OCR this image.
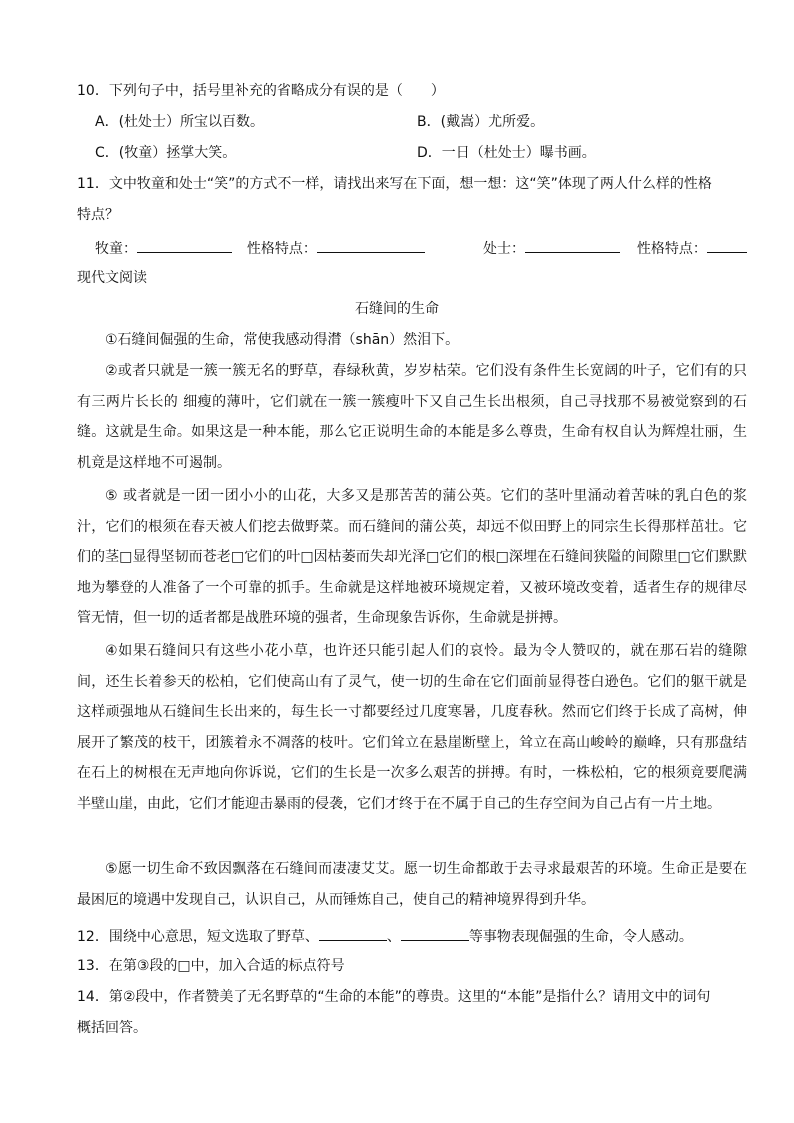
10．下列句子中，括号里补充的省略成分有误的是（　　）
A．(杜处士）所宝以百数。	B．(戴嵩）尤所爱。
C．(牧童）拯掌大笑。	D．一日（杜处士）曝书画。
11．文中牧童和处士“笑”的方式不一样，请找出来写在下面，想一想：这“笑”体现了两人什么样的性格
特点？
牧童：	性格特点：	处士：	性格特点：
现代文阅读
石缝间的生命
①石缝间倔强的生命，常使我感动得潸（shān）然泪下。
②或者只就是一簇一簇无名的野草，春绿秋黄，岁岁枯荣。它们没有条件生长宽阔的叶子，它们有的只有三两片长长的 细瘦的薄叶，它们就在一簇一簇瘦叶下又自己生长出根须，自己寻找那不易被觉察到的石缝。这就是生命。如果这是一种本能，那么它正说明生命的本能是多么尊贵，生命有权自认为辉煌壮丽，生机竟是这样地不可遏制。
⑤ 或者就是一团一团小小的山花，大多又是那苦苦的蒲公英。它们的茎叶里涌动着苦味的乳白色的浆汁，它们的根须在春天被人们挖去做野菜。而石缝间的蒲公英，却远不似田野上的同宗生长得那样茁壮。它们的茎□显得坚韧而苍老□它们的叶□因枯萎而失却光泽□它们的根□深埋在石缝间狭隘的间隙里□它们默默地为攀登的人准备了一个可靠的抓手。生命就是这样地被环境规定着，又被环境改变着，适者生存的规律尽管无情，但一切的适者都是战胜环境的强者，生命现象告诉你，生命就是拼搏。
④如果石缝间只有这些小花小草，也许还只能引起人们的哀怜。最为令人赞叹的，就在那石岩的缝隙间，还生长着参天的松柏，它们使高山有了灵气，使一切的生命在它们面前显得苍白逊色。它们的躯干就是这样顽强地从石缝间生长出来的，每生长一寸都要经过几度寒暑，几度春秋。然而它们终于长成了高树，伸展开了繁茂的枝干，团簇着永不凋落的枝叶。它们耸立在悬崖断壁上，耸立在高山峻岭的巅峰，只有那盘结在石上的树根在无声地向你诉说，它们的生长是一次多么艰苦的拼搏。有时，一株松柏，它的根须竟要爬满半壁山崖，由此，它们才能迎击暴雨的侵袭，它们才终于在不属于自己的生存空间为自己占有一片土地。
⑤愿一切生命不致因飘落在石缝间而凄凄艾艾。愿一切生命都敢于去寻求最艰苦的环境。生命正是要在最困厄的境遇中发现自己，认识自己，从而锤炼自己，使自己的精神境界得到升华。
12．围绕中心意思，短文选取了野草、	、	等事物表现倔强的生命，令人感动。
13．在第③段的□中，加入合适的标点符号
14．第②段中，作者赞美了无名野草的“生命的本能”的尊贵。这里的“本能”是指什么？请用文中的词句
概括回答。
